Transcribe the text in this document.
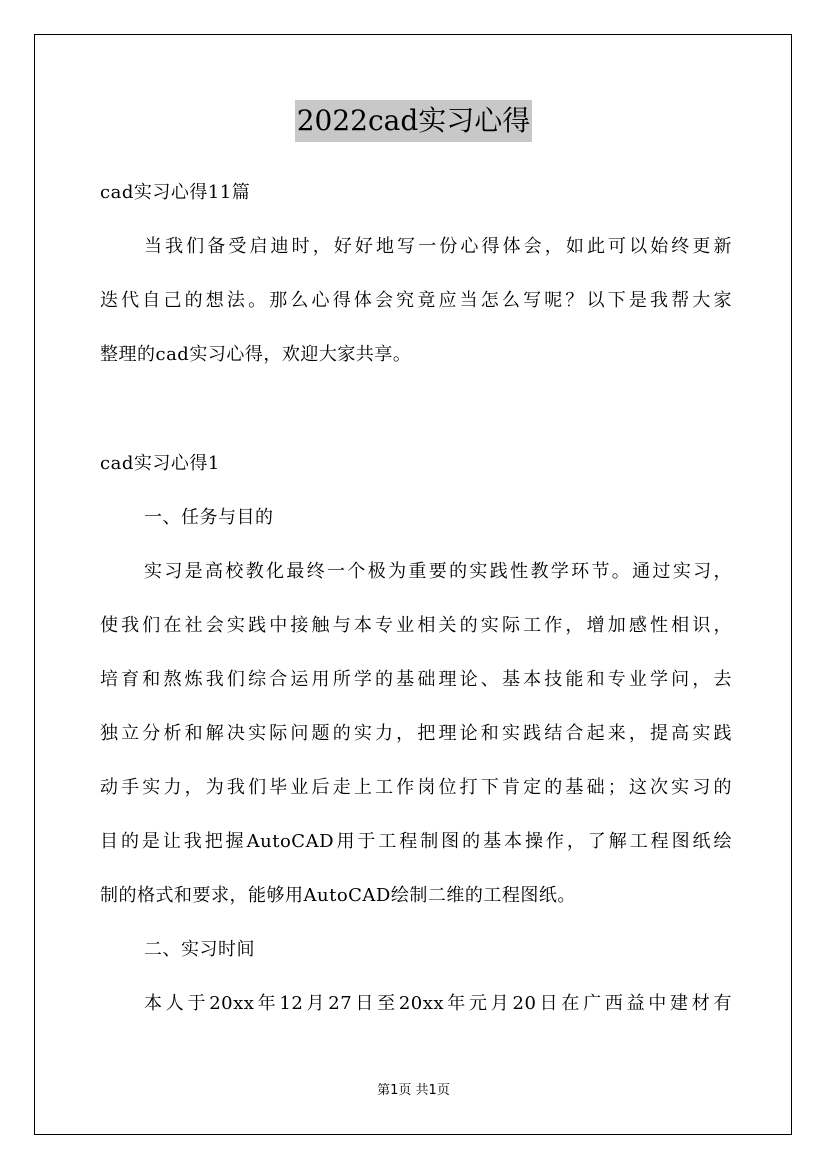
2022cad实习心得
cad实习心得11篇
当我们备受启迪时，好好地写一份心得体会，如此可以始终更新
迭代自己的想法。那么心得体会究竟应当怎么写呢？以下是我帮大家
整理的cad实习心得，欢迎大家共享。
cad实习心得1
一、任务与目的
实习是高校教化最终一个极为重要的实践性教学环节。通过实习，
使我们在社会实践中接触与本专业相关的实际工作，增加感性相识，
培育和熬炼我们综合运用所学的基础理论、基本技能和专业学问，去
独立分析和解决实际问题的实力，把理论和实践结合起来，提高实践
动手实力，为我们毕业后走上工作岗位打下肯定的基础；这次实习的
目的是让我把握AutoCAD用于工程制图的基本操作，了解工程图纸绘
制的格式和要求，能够用AutoCAD绘制二维的工程图纸。
二、实习时间
本人于20xx年12月27日至20xx年元月20日在广西益中建材有
第1页 共1页
